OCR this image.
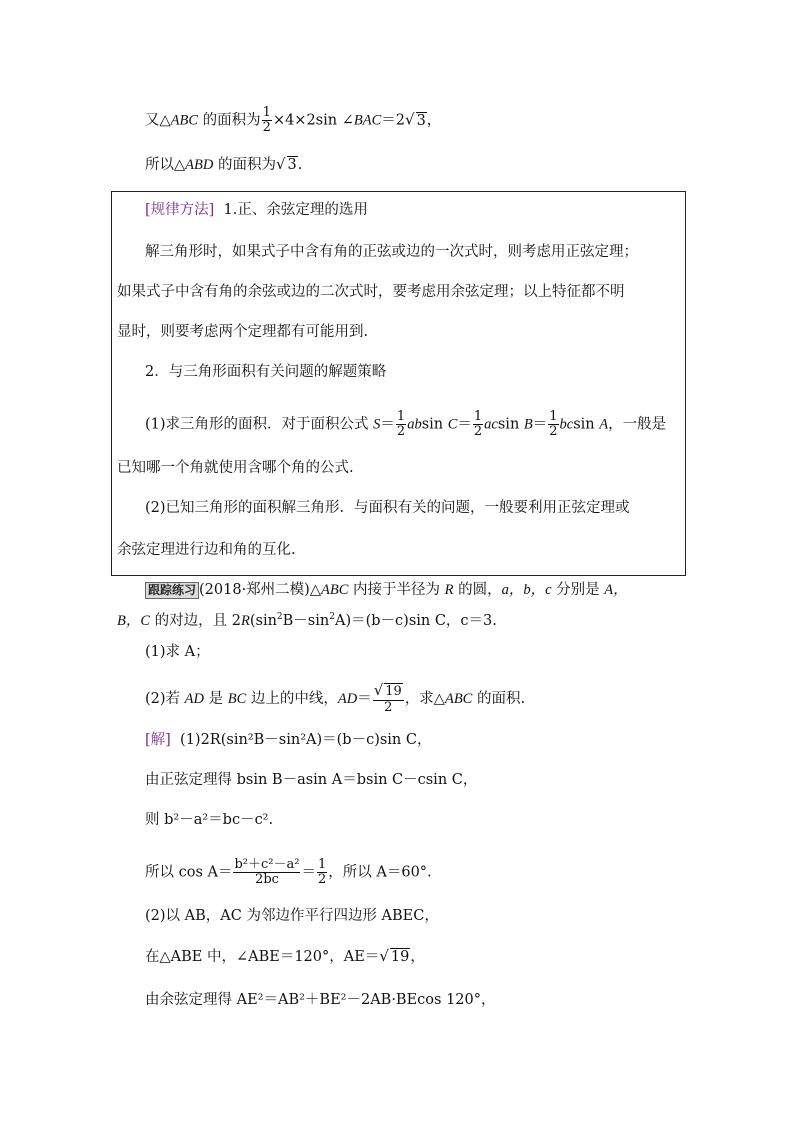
又△ABC 的面积为 $\frac{1}{2} \times 4\times 2\sin$ ∠BAC＝2√ 3，
所以△ABD 的面积为√ 3.
[规律方法] 1.正、余弦定理的选用
解三角形时，如果式子中含有角的正弦或边的一次式时，则考虑用正弦定理；
如果式子中含有角的余弦或边的二次式时，要考虑用余弦定理；以上特征都不明
显时，则要考虑两个定理都有可能用到.
2．与三角形面积有关问题的解题策略
(1)求三角形的面积．对于面积公式 $S= \frac{1}{2}$ absin $C= \frac{1}{2}$ acsin $B= \frac{1}{2}$ bcsin A，一般是
已知哪一个角就使用含哪个角的公式.
(2)已知三角形的面积解三角形．与面积有关的问题，一般要利用正弦定理或
余弦定理进行边和角的互化.
跟踪练习 (2018·郑州二模)△ABC 内接于半径为 R 的圆，a，b，c 分别是 A，
B，C 的对边，且 $2R(\sin^2B-\sin^2A)=(b-c)\sin$ C，c＝3.
(1)求 A；
(2)若 AD 是 BC 边上的中线，$AD= \frac{√ 19}{2}$ ，求△ABC 的面积.
[解] (1)2R(sin²B－sin²A)＝(b－c)sin C，
由正弦定理得 bsin B－asin A＝bsin C－csin C，
则 b²－a²＝bc－c².
所以 $\cos A= \frac{\text{b²＋c²－a²}}{2bc} = \frac{1}{2}$ ，所以 A＝60°.
(2)以 AB，AC 为邻边作平行四边形 ABEC，
在△ABE 中，∠ABE＝120°，AE＝√ 19，
由余弦定理得 AE²＝AB²＋BE²－2AB·BEcos 120°，
